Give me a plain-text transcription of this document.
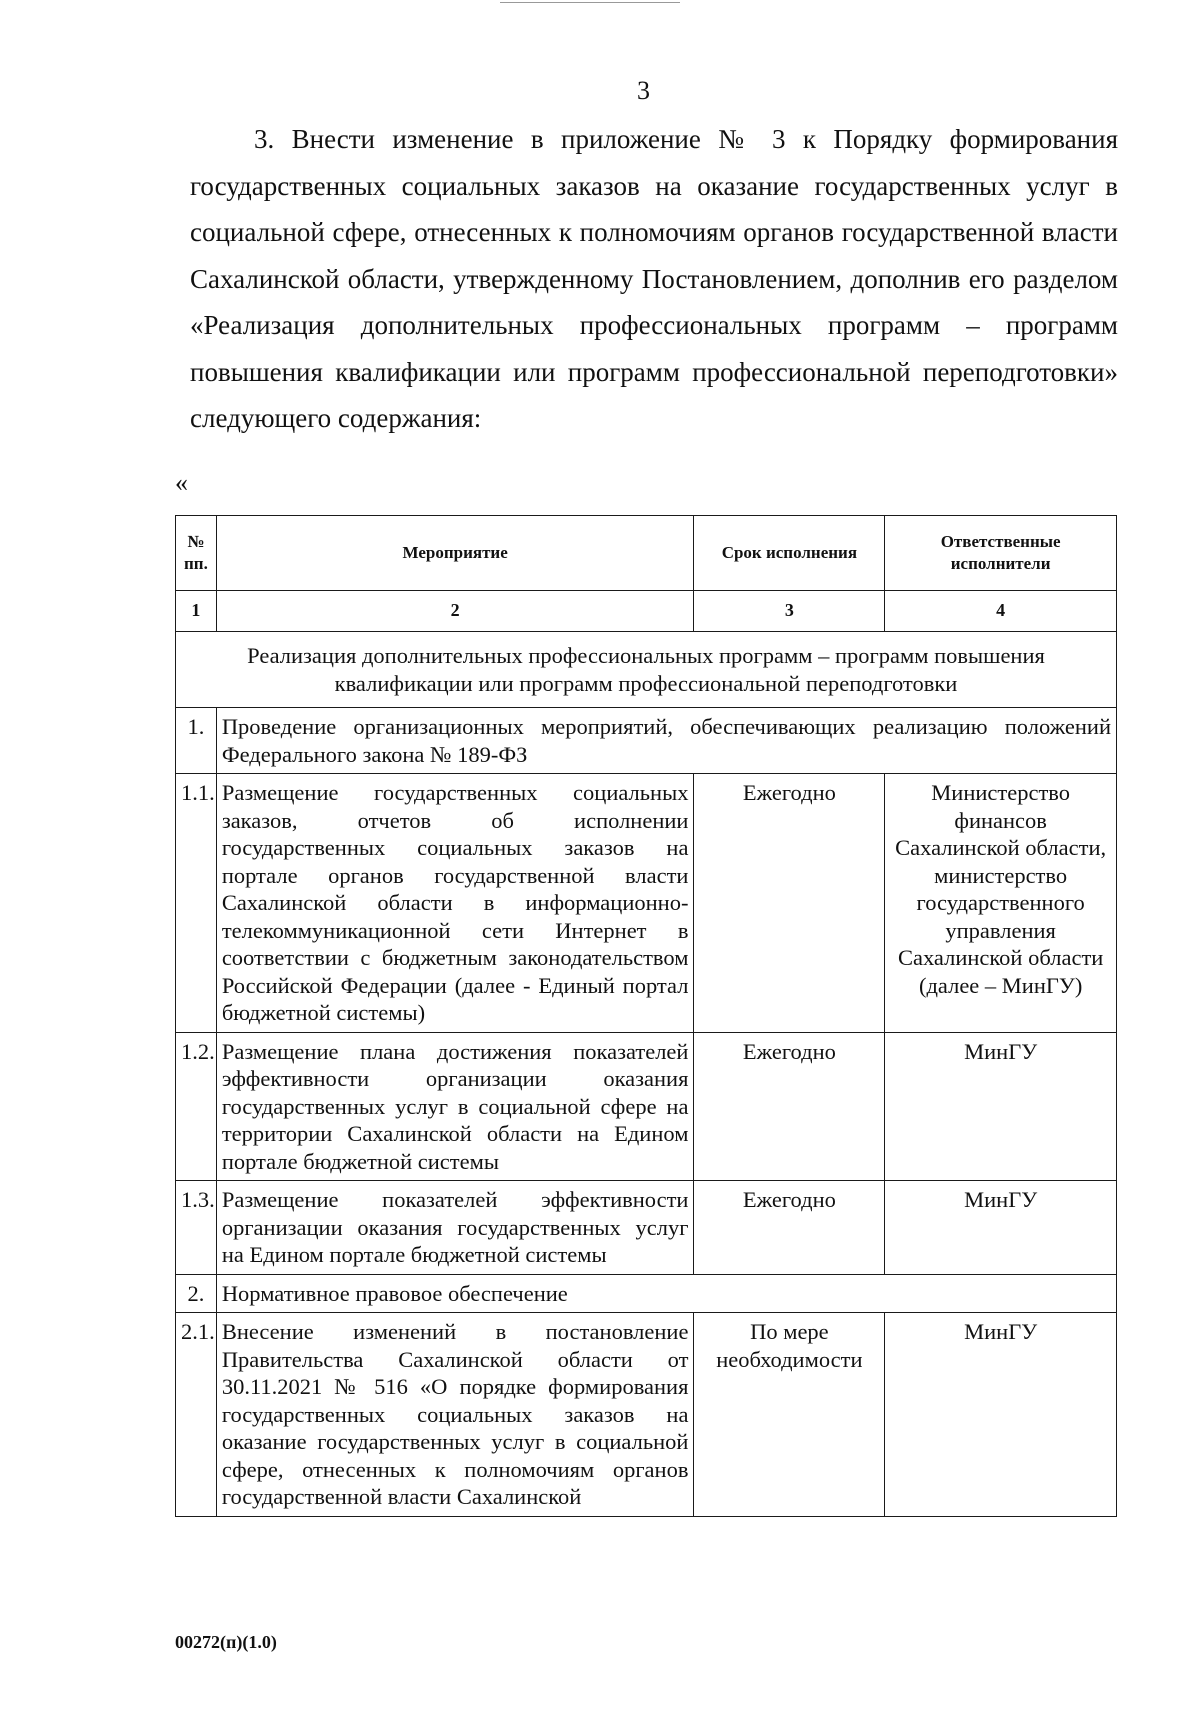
3

3. Внести изменение в приложение № 3 к Порядку формирования государственных социальных заказов на оказание государственных услуг в социальной сфере, отнесенных к полномочиям органов государственной власти Сахалинской области, утвержденному Постановлением, дополнив его разделом «Реализация дополнительных профессиональных программ – программ повышения квалификации или программ профессиональной переподготовки» следующего содержания:

«
№ пп.	Мероприятие	Срок исполнения	Ответственные исполнители
1	2	3	4
Реализация дополнительных профессиональных программ – программ повышения квалификации или программ профессиональной переподготовки			
1.	Проведение организационных мероприятий, обеспечивающих реализацию положений Федерального закона № 189-ФЗ		
1.1.	Размещение государственных социальных заказов, отчетов об исполнении государственных социальных заказов на портале органов государственной власти Сахалинской области в информационно-телекоммуникационной сети Интернет в соответствии с бюджетным законодательством Российской Федерации (далее - Единый портал бюджетной системы)	Ежегодно	Министерство финансов Сахалинской области, министерство государственного управления Сахалинской области (далее – МинГУ)
1.2.	Размещение плана достижения показателей эффективности организации оказания государственных услуг в социальной сфере на территории Сахалинской области на Едином портале бюджетной системы	Ежегодно	МинГУ
1.3.	Размещение показателей эффективности организации оказания государственных услуг на Едином портале бюджетной системы	Ежегодно	МинГУ
2.	Нормативное правовое обеспечение		
2.1.	Внесение изменений в постановление Правительства Сахалинской области от 30.11.2021 № 516 «О порядке формирования государственных социальных заказов на оказание государственных услуг в социальной сфере, отнесенных к полномочиям органов государственной власти Сахалинской	По мере необходимости	МинГУ
00272(п)(1.0)
